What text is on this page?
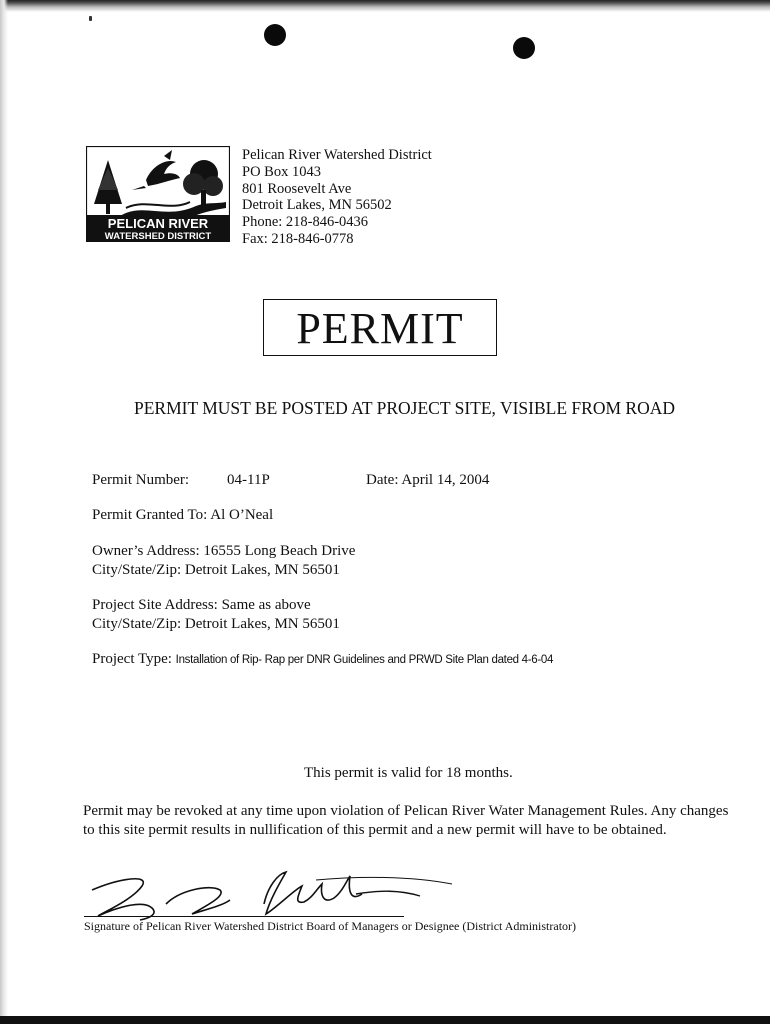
PELICAN RIVER
WATERSHED DISTRICT
Pelican River Watershed District
PO Box 1043
801 Roosevelt Ave
Detroit Lakes, MN 56502
Phone: 218-846-0436
Fax: 218-846-0778
PERMIT
PERMIT MUST BE POSTED AT PROJECT SITE, VISIBLE FROM ROAD
Permit Number:	04-11P	Date: April 14, 2004
Permit Granted To: Al O’Neal
Owner’s Address: 16555 Long Beach Drive
City/State/Zip: Detroit Lakes, MN 56501
Project Site Address: Same as above
City/State/Zip: Detroit Lakes, MN 56501
Project Type: Installation of Rip- Rap per DNR Guidelines and PRWD Site Plan dated 4-6-04
This permit is valid for 18 months.
Permit may be revoked at any time upon violation of Pelican River Water Management Rules. Any changes to this site permit results in nullification of this permit and a new permit will have to be obtained.
Signature of Pelican River Watershed District Board of Managers or Designee (District Administrator)
